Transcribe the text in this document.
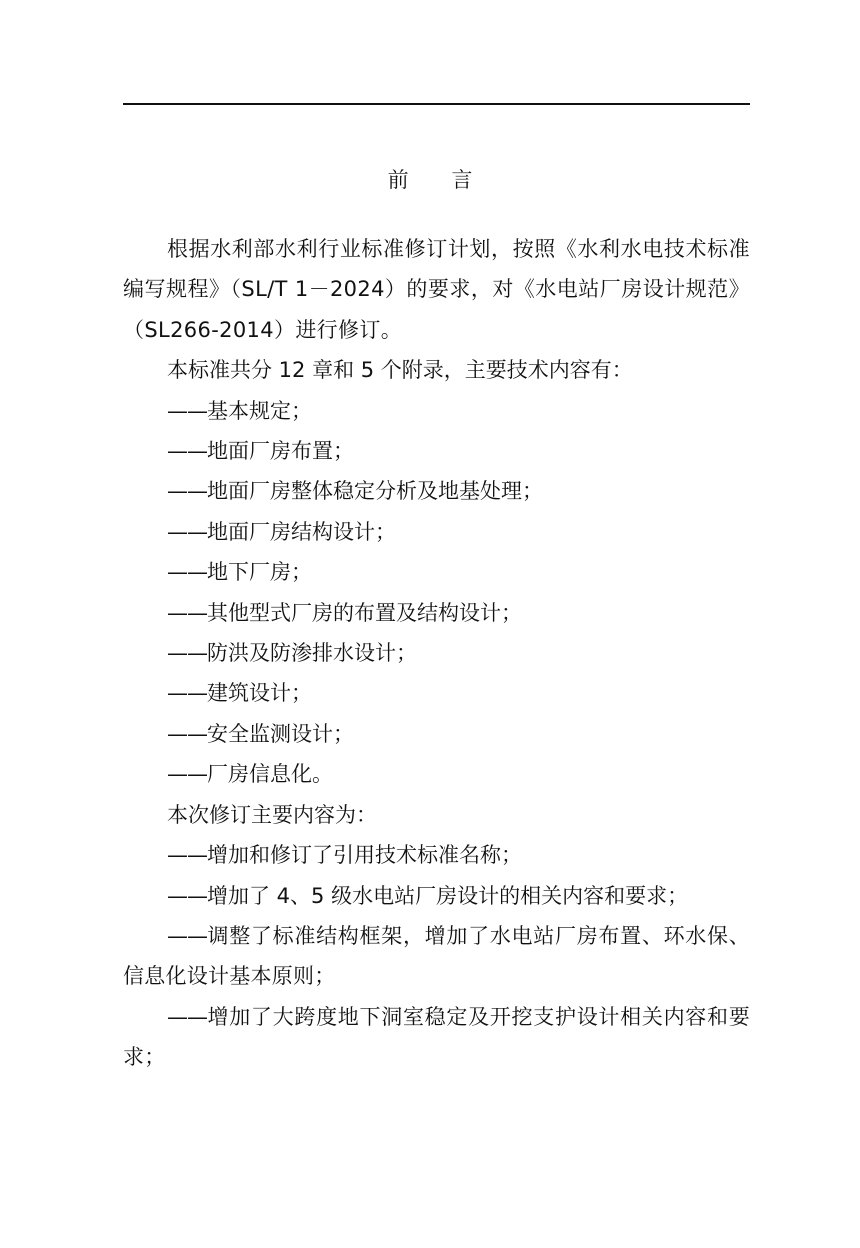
前 言

根据水利部水利行业标准修订计划，按照《水利水电技术标准编写规程》（SL/T 1－2024）的要求，对《水电站厂房设计规范》（SL266-2014）进行修订。

本标准共分 12 章和 5 个附录，主要技术内容有：

——基本规定；

——地面厂房布置；

——地面厂房整体稳定分析及地基处理；

——地面厂房结构设计；

——地下厂房；

——其他型式厂房的布置及结构设计；

——防洪及防渗排水设计；

——建筑设计；

——安全监测设计；

——厂房信息化。

本次修订主要内容为：

——增加和修订了引用技术标准名称；

——增加了 4、5 级水电站厂房设计的相关内容和要求；

——调整了标准结构框架，增加了水电站厂房布置、环水保、信息化设计基本原则；

——增加了大跨度地下洞室稳定及开挖支护设计相关内容和要求；
